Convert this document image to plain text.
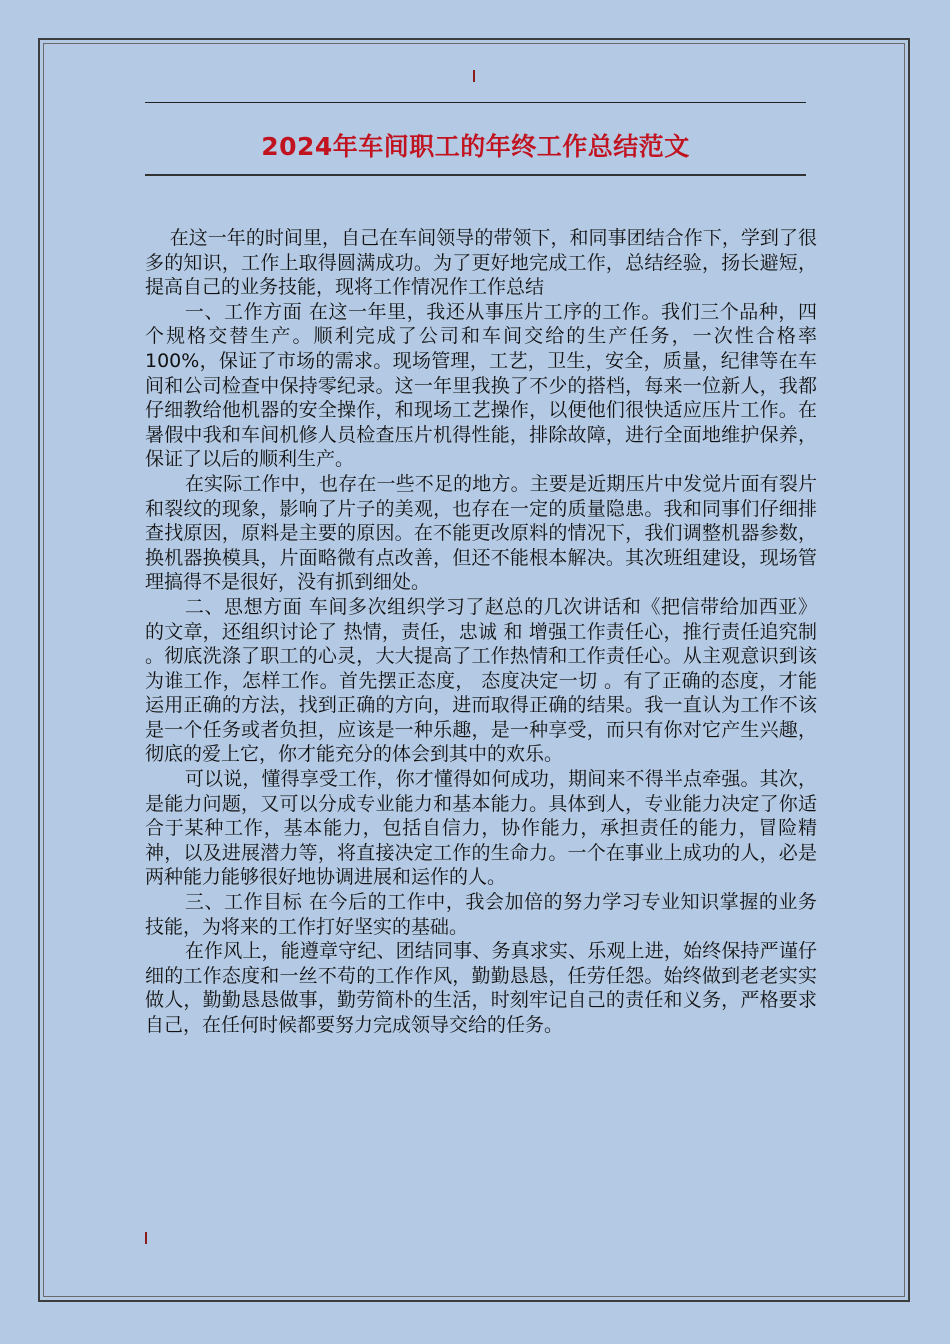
2024年车间职工的年终工作总结范文

在这一年的时间里，自己在车间领导的带领下，和同事团结合作下，学到了很多的知识，工作上取得圆满成功。为了更好地完成工作，总结经验，扬长避短，提高自己的业务技能，现将工作情况作工作总结

一、工作方面 在这一年里，我还从事压片工序的工作。我们三个品种，四个规格交替生产。顺利完成了公司和车间交给的生产任务，一次性合格率 100%，保证了市场的需求。现场管理，工艺，卫生，安全，质量，纪律等在车间和公司检查中保持零纪录。这一年里我换了不少的搭档，每来一位新人，我都仔细教给他机器的安全操作，和现场工艺操作，以便他们很快适应压片工作。在暑假中我和车间机修人员检查压片机得性能，排除故障，进行全面地维护保养，保证了以后的顺利生产。

在实际工作中，也存在一些不足的地方。主要是近期压片中发觉片面有裂片和裂纹的现象，影响了片子的美观，也存在一定的质量隐患。我和同事们仔细排查找原因，原料是主要的原因。在不能更改原料的情况下，我们调整机器参数，换机器换模具，片面略微有点改善，但还不能根本解决。其次班组建设，现场管理搞得不是很好，没有抓到细处。

二、思想方面 车间多次组织学习了赵总的几次讲话和《把信带给加西亚》的文章，还组织讨论了 热情，责任，忠诚 和 增强工作责任心，推行责任追究制 。彻底洗涤了职工的心灵，大大提高了工作热情和工作责任心。从主观意识到该为谁工作，怎样工作。首先摆正态度， 态度决定一切 。有了正确的态度，才能运用正确的方法，找到正确的方向，进而取得正确的结果。我一直认为工作不该是一个任务或者负担，应该是一种乐趣，是一种享受，而只有你对它产生兴趣，彻底的爱上它，你才能充分的体会到其中的欢乐。

可以说，懂得享受工作，你才懂得如何成功，期间来不得半点牵强。其次，是能力问题，又可以分成专业能力和基本能力。具体到人，专业能力决定了你适合于某种工作，基本能力，包括自信力，协作能力，承担责任的能力，冒险精神，以及进展潜力等，将直接决定工作的生命力。一个在事业上成功的人，必是两种能力能够很好地协调进展和运作的人。

三、工作目标 在今后的工作中，我会加倍的努力学习专业知识掌握的业务技能，为将来的工作打好坚实的基础。

在作风上，能遵章守纪、团结同事、务真求实、乐观上进，始终保持严谨仔细的工作态度和一丝不苟的工作作风，勤勤恳恳，任劳任怨。始终做到老老实实做人，勤勤恳恳做事，勤劳简朴的生活，时刻牢记自己的责任和义务，严格要求自己，在任何时候都要努力完成领导交给的任务。
